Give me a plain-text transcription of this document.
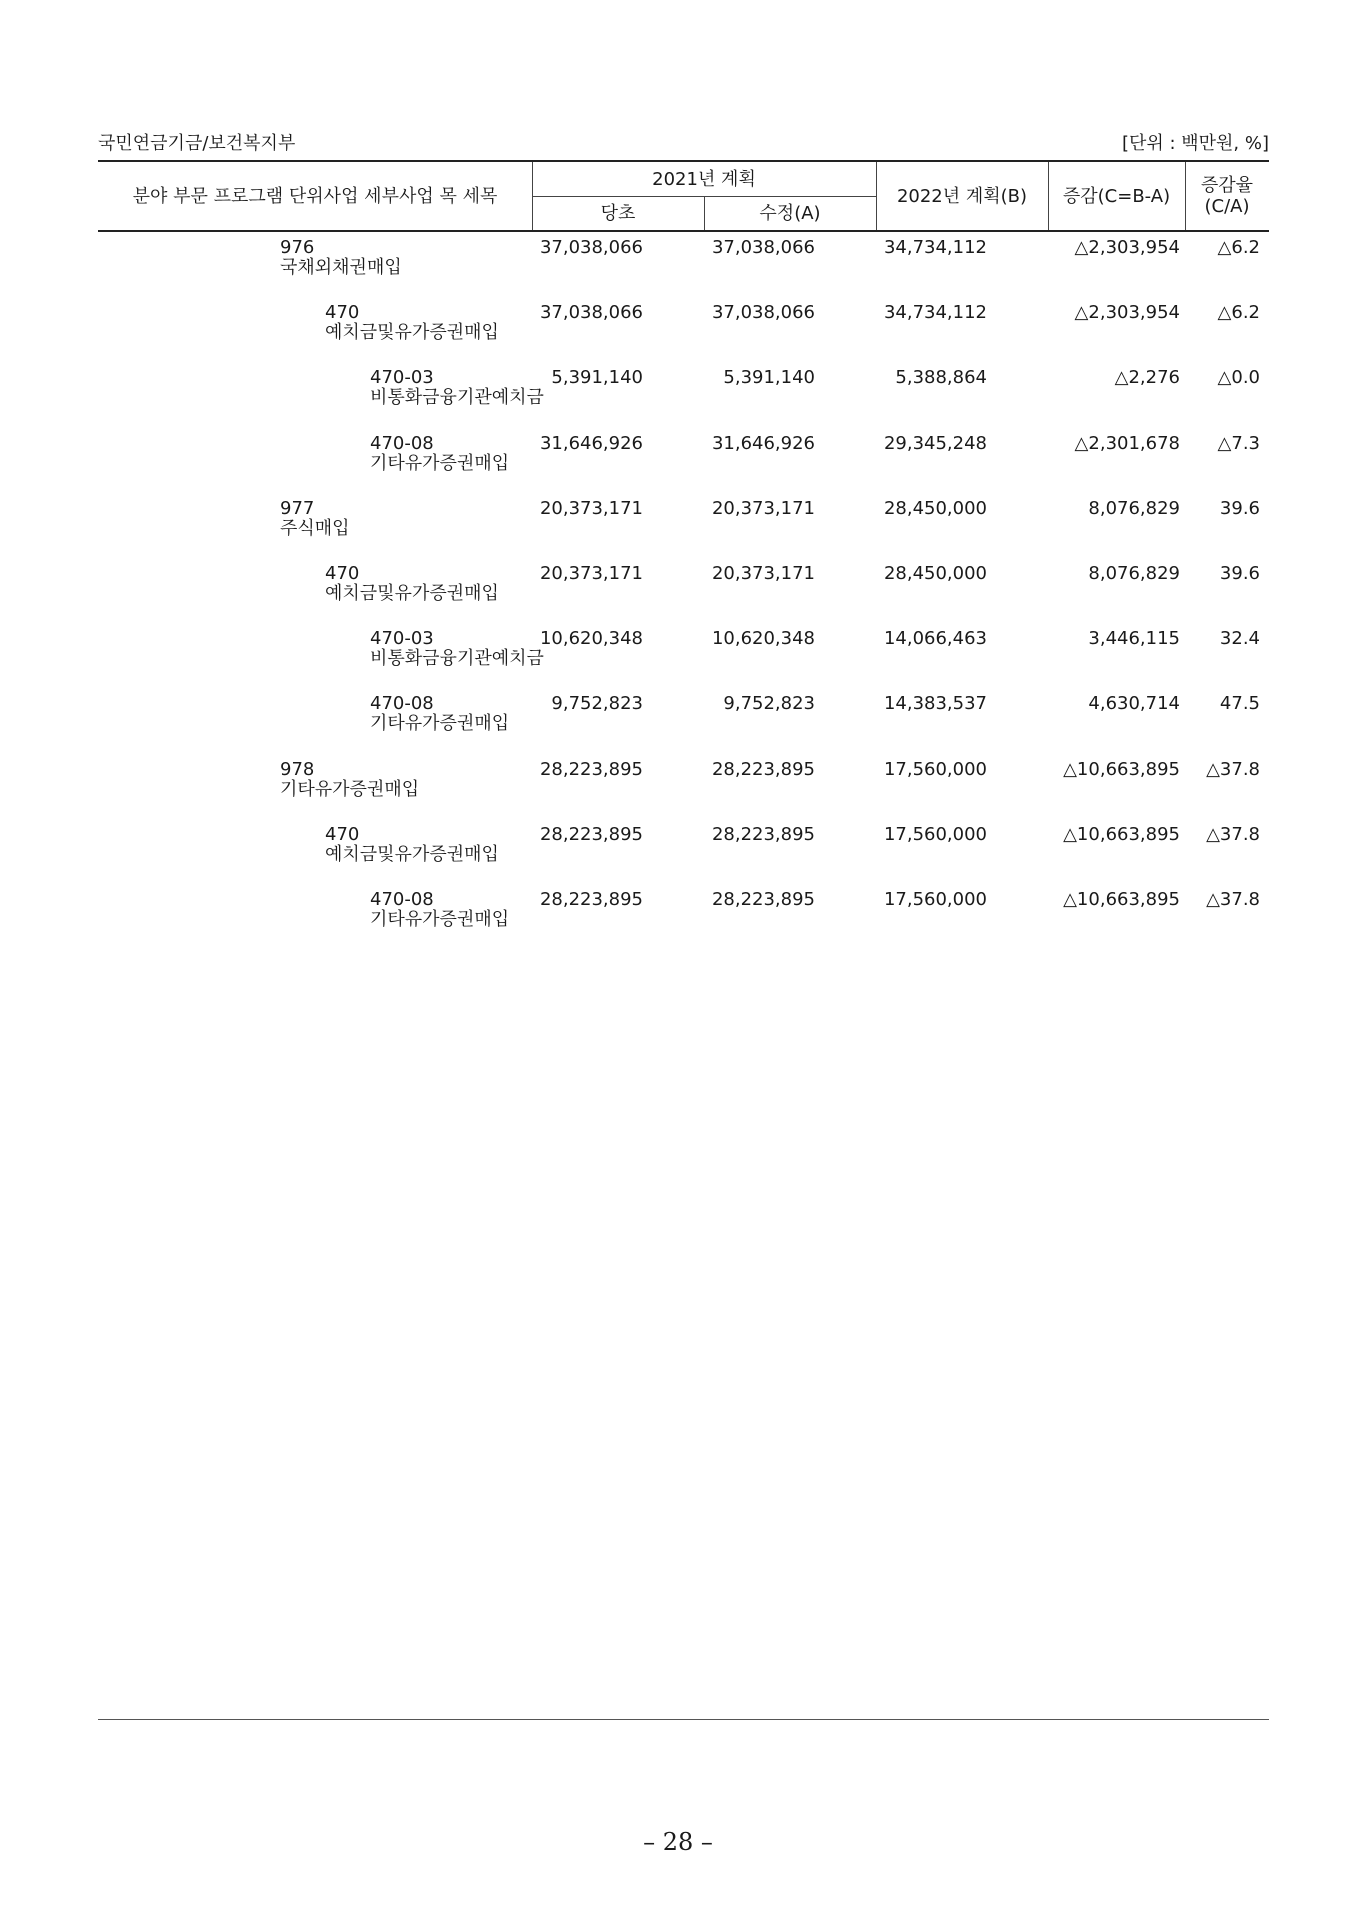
국민연금기금/보건복지부	[단위 : 백만원, %]
분야 부문 프로그램 단위사업 세부사업 목 세목
2021년 계획
당초	수정(A)
2022년 계획(B)	증감(C=B-A)	증감율
(C/A)
976
국채외채권매입
37,038,066	37,038,066	34,734,112	△2,303,954 △6.2
470
예치금및유가증권매입
37,038,066	37,038,066	34,734,112	△2,303,954 △6.2
470-03
비통화금융기관예치금
5,391,140	5,391,140	5,388,864	△2,276 △0.0
470-08
기타유가증권매입
31,646,926	31,646,926	29,345,248	△2,301,678 △7.3
977
주식매입
20,373,171	20,373,171	28,450,000	8,076,829 39.6
470
예치금및유가증권매입
20,373,171	20,373,171	28,450,000	8,076,829 39.6
470-03
비통화금융기관예치금
10,620,348	10,620,348	14,066,463	3,446,115 32.4
470-08
기타유가증권매입
9,752,823	9,752,823	14,383,537	4,630,714 47.5
978
기타유가증권매입
28,223,895	28,223,895	17,560,000	△10,663,895 △37.8
470
예치금및유가증권매입
28,223,895	28,223,895	17,560,000	△10,663,895 △37.8
470-08
기타유가증권매입
28,223,895	28,223,895	17,560,000	△10,663,895 △37.8
– 28 –
